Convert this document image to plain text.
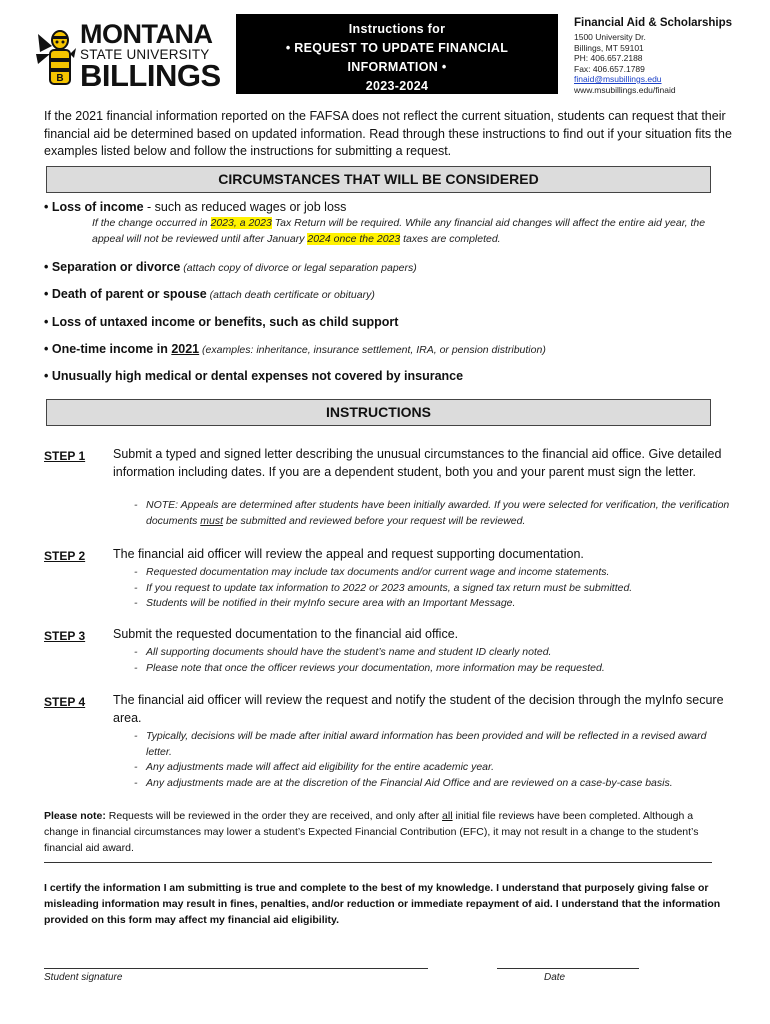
B
MONTANA
STATE UNIVERSITY
BILLINGS
Instructions for
• REQUEST TO UPDATE FINANCIAL
INFORMATION •
2023-2024
Financial Aid & Scholarships
1500 University Dr.
Billings, MT 59101
PH: 406.657.2188
Fax: 406.657.1789
finaid@msubillings.edu
www.msubillings.edu/finaid
If the 2021 financial information reported on the FAFSA does not reflect the current situation, students can request that their financial aid be determined based on updated information. Read through these instructions to find out if your situation fits the examples listed below and follow the instructions for submitting a request.
CIRCUMSTANCES THAT WILL BE CONSIDERED
• Loss of income - such as reduced wages or job loss
If the change occurred in 2023, a 2023 Tax Return will be required. While any financial aid changes will affect the entire aid year, the appeal will not be reviewed until after January 2024 once the 2023 taxes are completed.
• Separation or divorce (attach copy of divorce or legal separation papers)
• Death of parent or spouse (attach death certificate or obituary)
• Loss of untaxed income or benefits, such as child support
• One-time income in 2021 (examples: inheritance, insurance settlement, IRA, or pension distribution)
• Unusually high medical or dental expenses not covered by insurance
INSTRUCTIONS
STEP 1 Submit a typed and signed letter describing the unusual circumstances to the financial aid office. Give detailed information including dates. If you are a dependent student, both you and your parent must sign the letter.
- NOTE: Appeals are determined after students have been initially awarded. If you were selected for verification, the verification documents must be submitted and reviewed before your request will be reviewed.
STEP 2 The financial aid officer will review the appeal and request supporting documentation.
- Requested documentation may include tax documents and/or current wage and income statements.
- If you request to update tax information to 2022 or 2023 amounts, a signed tax return must be submitted.
- Students will be notified in their myInfo secure area with an Important Message.
STEP 3 Submit the requested documentation to the financial aid office.
- All supporting documents should have the student’s name and student ID clearly noted.
- Please note that once the officer reviews your documentation, more information may be requested.
STEP 4 The financial aid officer will review the request and notify the student of the decision through the myInfo secure area.
- Typically, decisions will be made after initial award information has been provided and will be reflected in a revised award letter.
- Any adjustments made will affect aid eligibility for the entire academic year.
- Any adjustments made are at the discretion of the Financial Aid Office and are reviewed on a case-by-case basis.
Please note: Requests will be reviewed in the order they are received, and only after all initial file reviews have been completed. Although a change in financial circumstances may lower a student’s Expected Financial Contribution (EFC), it may not result in a change to the student’s financial aid award.
I certify the information I am submitting is true and complete to the best of my knowledge. I understand that purposely giving false or misleading information may result in fines, penalties, and/or reduction or immediate repayment of aid. I understand that the information provided on this form may affect my financial aid eligibility.
Student signature	Date
